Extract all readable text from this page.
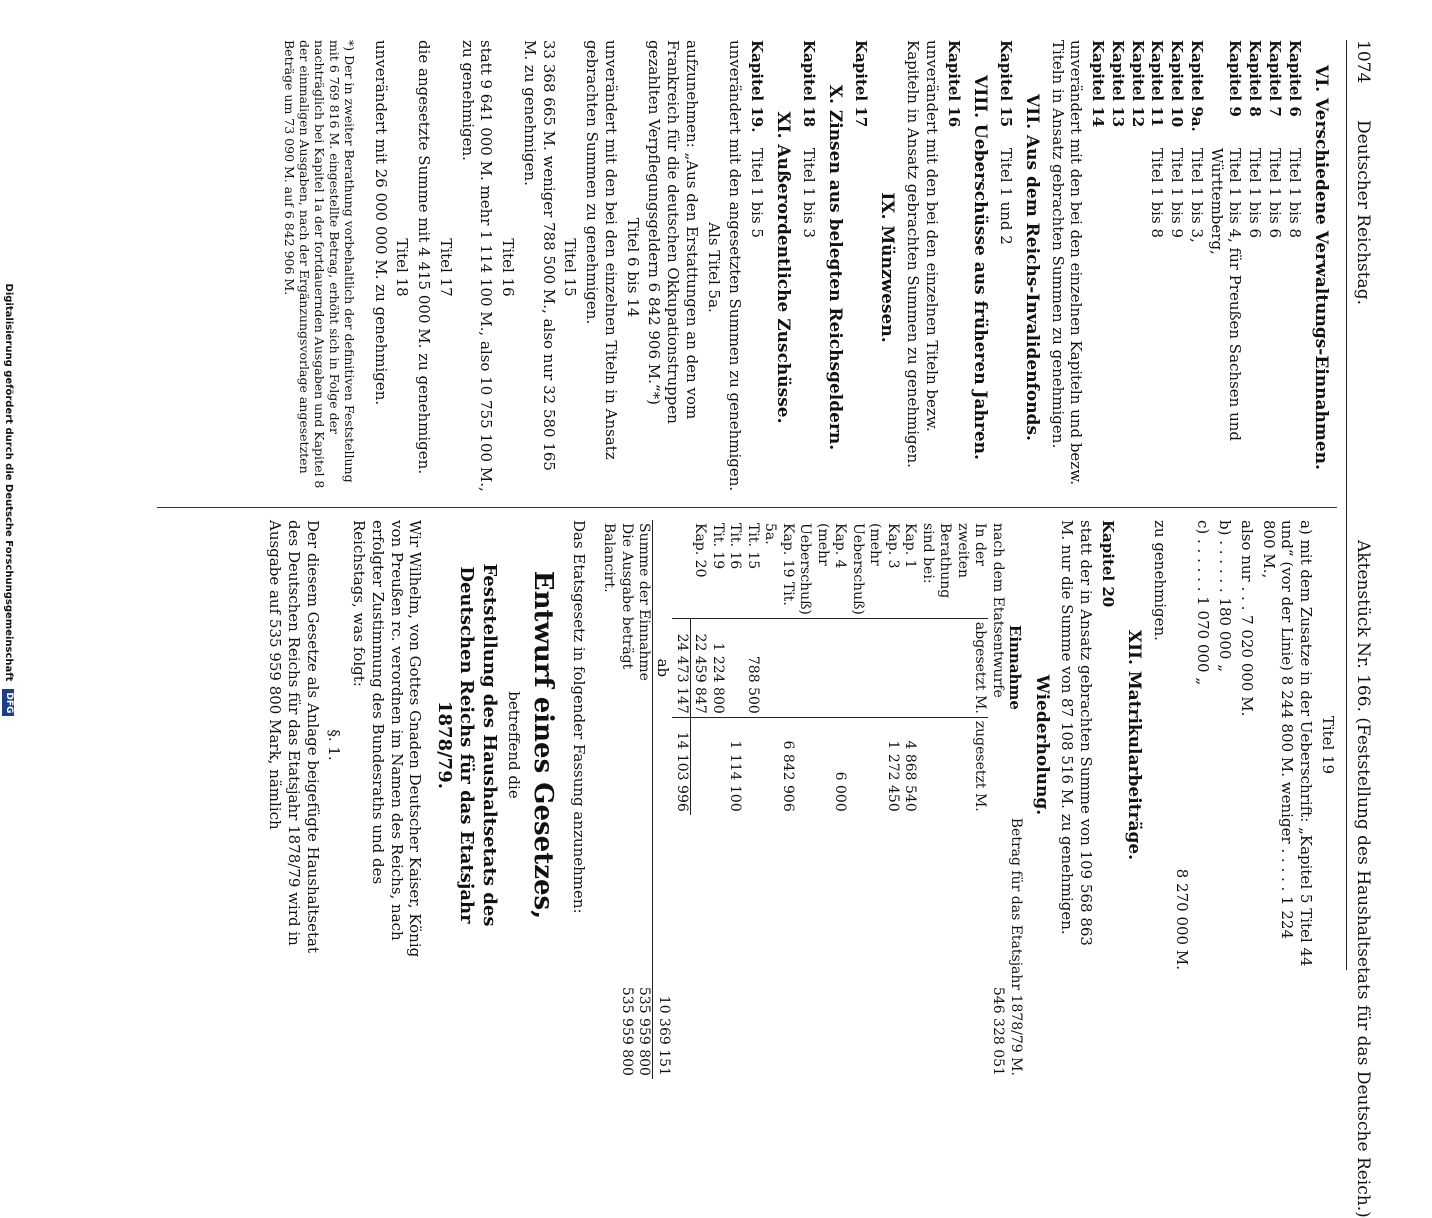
1074
Deutscher Reichstag.
Aktenstück Nr. 166. (Feststellung des Haushaltsetats für das Deutsche Reich.)
VI. Verschiedene Verwaltungs-Einnahmen.
Kapitel 6
Titel 1 bis 8
Kapitel 7
Titel 1 bis 6
Kapitel 8
Titel 1 bis 6
Kapitel 9
Titel 1 bis 4, für Preußen Sachsen und Württemberg,
Kapitel 9a.
Titel 1 bis 3,
Kapitel 10
Titel 1 bis 9
Kapitel 11
Titel 1 bis 8
Kapitel 12
Kapitel 13
Kapitel 14
unverändert mit den bei den einzelnen Kapiteln und bezw. Titeln in Ansatz gebrachten Summen zu genehmigen.
VII. Aus dem Reichs-Invalidenfonds.
Kapitel 15
Titel 1 und 2
VIII. Ueberschüsse aus früheren Jahren.
Kapitel 16
unverändert mit den bei den einzelnen Titeln bezw. Kapiteln in Ansatz gebrachten Summen zu genehmigen.
IX. Münzwesen.
Kapitel 17
X. Zinsen aus belegten Reichsgeldern.
Kapitel 18
Titel 1 bis 3
XI. Außerordentliche Zuschüsse.
Kapitel 19.
Titel 1 bis 5
unverändert mit den angesetzten Summen zu genehmigen.
Als Titel 5a.
aufzunehmen: „Aus den Erstattungen an den vom Frankreich für die deutschen Okkupationstruppen gezahlten Verpflegungsgeldern 6 842 906 M.“*)
Titel 6 bis 14
unverändert mit den bei den einzelnen Titeln in Ansatz gebrachten Summen zu genehmigen.
Titel 15
33 368 665 M. weniger 788 500 M., also nur 32 580 165 M. zu genehmigen.
Titel 16
statt 9 641 000 M. mehr 1 114 100 M., also 10 755 100 M., zu genehmigen.
Titel 17
die angesetzte Summe mit 4 415 000 M. zu genehmigen.
Titel 18
unverändert mit 26 000 000 M. zu genehmigen.
*) Der in zweiter Berathung vorbehaltlich der definitiven Feststellung mit 6 769 816 M. eingestellte Betrag, erhöht sich in Folge der nachträglich bei Kapitel 1a der fortdauernden Ausgaben und Kapitel 8 der einmaligen Ausgaben, nach der Ergänzungsvorlage angesetzten Beträge um 73 090 M. auf 6 842 906 M.
Titel 19
a) mit dem Zusatze in der Ueberschrift: „Kapitel 5 Titel 44 und“ (vor der Linie) 8 244 800 M. weniger . . . . . 1 224 800 M.,
also nur . . . 7 020 000 M.
b) . . . . . . 180 000 „
c) . . . . . . 1 070 000 „
8 270 000 M.
zu genehmigen.
XII. Matrikularbeiträge.
Kapitel 20
statt der in Ansatz gebrachten Summe von 109 568 863 M. nur die Summe von 87 108 516 M. zu genehmigen.
Wiederholung.
Einnahme			Betrag für das Etatsjahr 1878/79 M.
nach dem Etatsentwurfe			546 328 051
In der zweiten Berathung sind bei:	abgesetzt M.	zugesetzt M.	
Kap. 1		4 868 540	
Kap. 3 (mehr Ueberschuß)		1 272 450	
Kap. 4 (mehr Ueberschuß)		6 000	
Kap. 19 Tit. 5a.		6 842 906	
Tit. 15	788 500		
Tit. 16		1 114 100	
Tit. 19	1 224 800		
Kap. 20	22 459 847		
	24 473 147	14 103 996	
	ab		10 369 151
Summe der Einnahme			535 959 800
Die Ausgabe beträgt			535 959 800
Balancirt.			
Das Etatsgesetz in folgender Fassung anzunehmen:
Entwurf eines Gesetzes,
betreffend die
Feststellung des Haushaltsetats des Deutschen Reichs für das Etatsjahr 1878/79.
Wir Wilhelm, von Gottes Gnaden Deutscher Kaiser, König von Preußen rc. verordnen im Namen des Reichs, nach erfolgter Zustimmung des Bundesraths und des Reichstags, was folgt:
§. 1.
Der diesem Gesetze als Anlage beigefügte Haushaltsetat des Deutschen Reichs für das Etatsjahr 1878/79 wird in Ausgabe auf 535 959 800 Mark, nämlich
Digitalisierung gefördert durch die Deutsche Forschungsgemeinschaft
DFG
